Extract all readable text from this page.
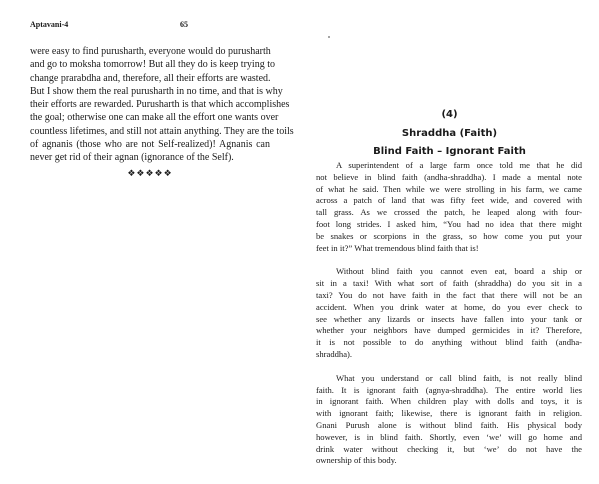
Aptavani-4	65
were easy to find purusharth, everyone would do purusharth
and go to moksha tomorrow! But all they do is keep trying to
change prarabdha and, therefore, all their efforts are wasted.
But I show them the real purusharth in no time, and that is why
their efforts are rewarded. Purusharth is that which accomplishes
the goal; otherwise one can make all the effort one wants over
countless lifetimes, and still not attain anything. They are the toils
of agnanis (those who are not Self-realized)! Agnanis can
never get rid of their agnan (ignorance of the Self).
❖❖❖❖❖
(4)
Shraddha (Faith)
Blind Faith – Ignorant Faith
A superintendent of a large farm once told me that he did
not believe in blind faith (andha-shraddha). I made a mental note
of what he said. Then while we were strolling in his farm, we came
across a patch of land that was fifty feet wide, and covered with
tall grass. As we crossed the patch, he leaped along with four-
foot long strides. I asked him, “You had no idea that there might
be snakes or scorpions in the grass, so how come you put your
feet in it?” What tremendous blind faith that is!
Without blind faith you cannot even eat, board a ship or
sit in a taxi! With what sort of faith (shraddha) do you sit in a
taxi? You do not have faith in the fact that there will not be an
accident. When you drink water at home, do you ever check to
see whether any lizards or insects have fallen into your tank or
whether your neighbors have dumped germicides in it? Therefore,
it is not possible to do anything without blind faith (andha-
shraddha).
What you understand or call blind faith, is not really blind
faith. It is ignorant faith (agnya-shraddha). The entire world lies
in ignorant faith. When children play with dolls and toys, it is
with ignorant faith; likewise, there is ignorant faith in religion.
Gnani Purush alone is without blind faith. His physical body
however, is in blind faith. Shortly, even ‘we’ will go home and
drink water without checking it, but ‘we’ do not have the
ownership of this body.
